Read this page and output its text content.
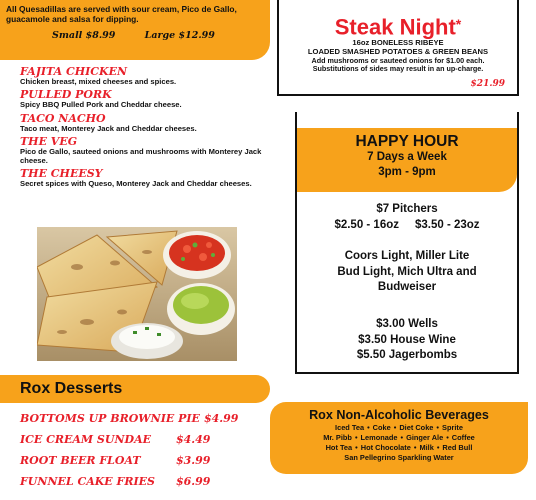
All Quesadillas are served with sour cream, Pico de Gallo, guacamole and salsa for dipping.
Small $8.99	Large $12.99	Steak Night*
16oz BONELESS RIBEYE
LOADED SMASHED POTATOES & GREEN BEANS
Add mushrooms or sauteed onions for $1.00 each.
Substitutions of sides may result in an up-charge.
$21.99
FAJITA CHICKEN
Chicken breast, mixed cheeses and spices.
PULLED PORK
Spicy BBQ Pulled Pork and Cheddar cheese.
TACO NACHO
Taco meat, Monterey Jack and Cheddar cheeses.
THE VEG
Pico de Gallo, sauteed onions and mushrooms with Monterey Jack cheese.
THE CHEESY
Secret spices with Queso, Monterey Jack and Cheddar cheeses.
HAPPY HOUR
7 Days a Week
3pm - 9pm
$7 Pitchers
$2.50 - 16oz     $3.50 - 23oz
Coors Light, Miller Lite
Bud Light, Mich Ultra and
Budweiser
$3.00 Wells
$3.50 House Wine
$5.50 Jagerbombs
Rox Desserts
BOTTOMS UP BROWNIE PIE $4.99
ICE CREAM SUNDAE $4.49
ROOT BEER FLOAT	$3.99
FUNNEL CAKE FRIES $6.99
Rox Non-Alcoholic Beverages
Iced Tea • Coke • Diet Coke • Sprite
Mr. Pibb • Lemonade • Ginger Ale • Coffee
Hot Tea • Hot Chocolate • Milk • Red Bull
San Pellegrino Sparkling Water
